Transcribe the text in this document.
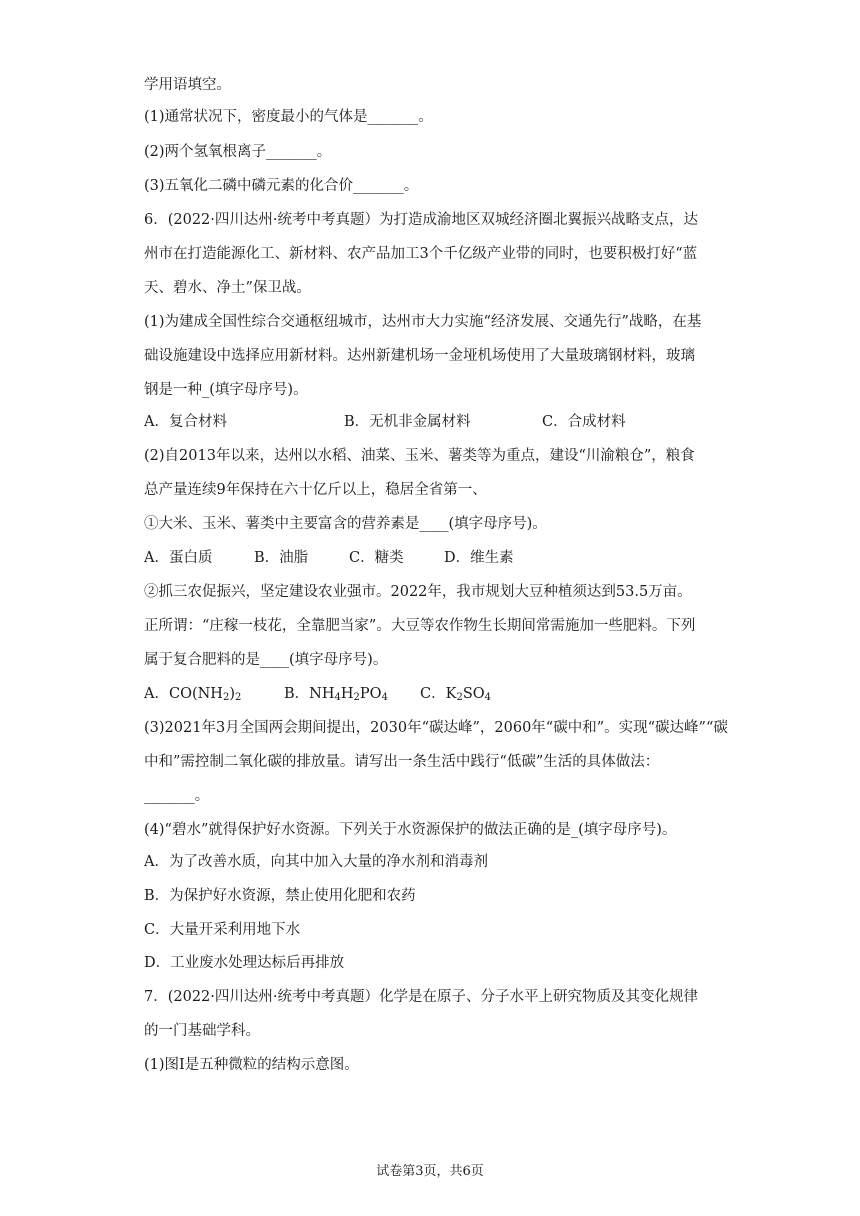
学用语填空。
(1)通常状况下，密度最小的气体是_______。
(2)两个氢氧根离子_______。
(3)五氧化二磷中磷元素的化合价_______。
6．(2022·四川达州·统考中考真题）为打造成渝地区双城经济圈北翼振兴战略支点，达
州市在打造能源化工、新材料、农产品加工3个千亿级产业带的同时，也要积极打好“蓝
天、碧水、净土”保卫战。
(1)为建成全国性综合交通枢纽城市，达州市大力实施“经济发展、交通先行”战略，在基
础设施建设中选择应用新材料。达州新建机场一金垭机场使用了大量玻璃钢材料，玻璃
钢是一种_(填字母序号)。
A．复合材料	B．无机非金属材料	C．合成材料
(2)自2013年以来，达州以水稻、油菜、玉米、薯类等为重点，建设“川渝粮仓”，粮食
总产量连续9年保持在六十亿斤以上，稳居全省第一、
①大米、玉米、薯类中主要富含的营养素是____(填字母序号)。
A．蛋白质	B．油脂	C．糖类	D．维生素
②抓三农促振兴，坚定建设农业强市。2022年，我市规划大豆种植须达到53.5万亩。
正所谓：“庄稼一枝花，全靠肥当家”。大豆等农作物生长期间常需施加一些肥料。下列
属于复合肥料的是____(填字母序号)。
A．$CO(NH_2)_2$	B．$NH_4H_2PO_4$ C．$K_2SO_4$
(3)2021年3月全国两会期间提出，2030年“碳达峰”，2060年“碳中和”。实现“碳达峰”“碳
中和”需控制二氧化碳的排放量。请写出一条生活中践行“低碳”生活的具体做法：
_______。
(4)“碧水”就得保护好水资源。下列关于水资源保护的做法正确的是_(填字母序号)。
A．为了改善水质，向其中加入大量的净水剂和消毒剂
B．为保护好水资源，禁止使用化肥和农药
C．大量开采利用地下水
D．工业废水处理达标后再排放
7．(2022·四川达州·统考中考真题）化学是在原子、分子水平上研究物质及其变化规律
的一门基础学科。
(1)图I是五种微粒的结构示意图。
试卷第3页，共6页
